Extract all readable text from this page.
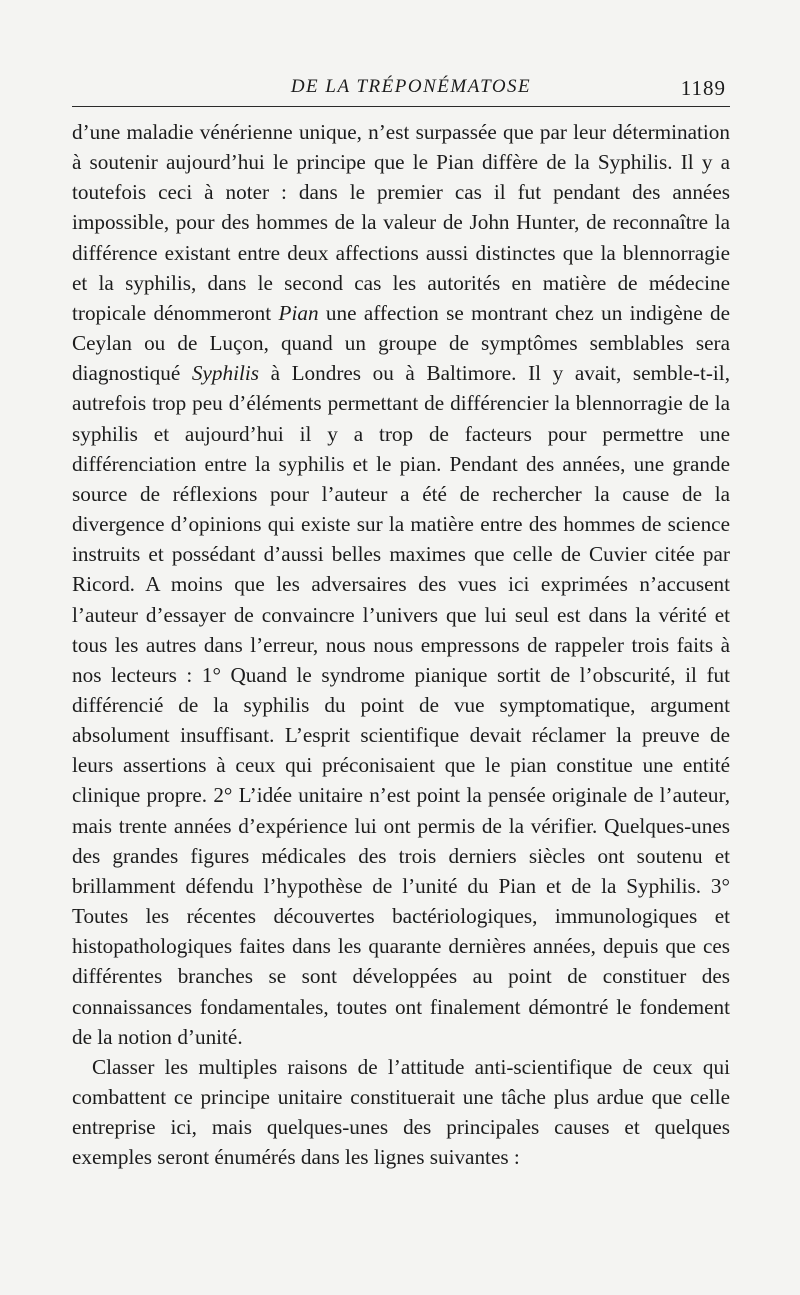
DE LA TRÉPONÉMATOSE	1189

d’une maladie vénérienne unique, n’est surpassée que par leur détermination à soutenir aujourd’hui le principe que le Pian diffère de la Syphilis. Il y a toutefois ceci à noter : dans le premier cas il fut pendant des années impossible, pour des hommes de la valeur de John Hunter, de reconnaître la différence existant entre deux affections aussi distinctes que la blennorragie et la syphilis, dans le second cas les autorités en matière de médecine tropicale dénommeront Pian une affection se montrant chez un indigène de Ceylan ou de Luçon, quand un groupe de symptômes semblables sera diagnostiqué Syphilis à Londres ou à Baltimore. Il y avait, semble-t-il, autrefois trop peu d’éléments permettant de différencier la blennorragie de la syphilis et aujourd’hui il y a trop de facteurs pour permettre une différenciation entre la syphilis et le pian. Pendant des années, une grande source de réflexions pour l’auteur a été de rechercher la cause de la divergence d’opinions qui existe sur la matière entre des hommes de science instruits et possédant d’aussi belles maximes que celle de Cuvier citée par Ricord. A moins que les adversaires des vues ici exprimées n’accusent l’auteur d’essayer de convaincre l’univers que lui seul est dans la vérité et tous les autres dans l’erreur, nous nous empressons de rappeler trois faits à nos lecteurs : 1° Quand le syndrome pianique sortit de l’obscurité, il fut différencié de la syphilis du point de vue symptomatique, argument absolument insuffisant. L’esprit scientifique devait réclamer la preuve de leurs assertions à ceux qui préconisaient que le pian constitue une entité clinique propre. 2° L’idée unitaire n’est point la pensée originale de l’auteur, mais trente années d’expérience lui ont permis de la vérifier. Quelques-unes des grandes figures médicales des trois derniers siècles ont soutenu et brillamment défendu l’hypothèse de l’unité du Pian et de la Syphilis. 3° Toutes les récentes découvertes bactériologiques, immunologiques et histopathologiques faites dans les quarante dernières années, depuis que ces différentes branches se sont développées au point de constituer des connaissances fondamentales, toutes ont finalement démontré le fondement de la notion d’unité.

Classer les multiples raisons de l’attitude anti-scientifique de ceux qui combattent ce principe unitaire constituerait une tâche plus ardue que celle entreprise ici, mais quelques-unes des principales causes et quelques exemples seront énumérés dans les lignes suivantes :
